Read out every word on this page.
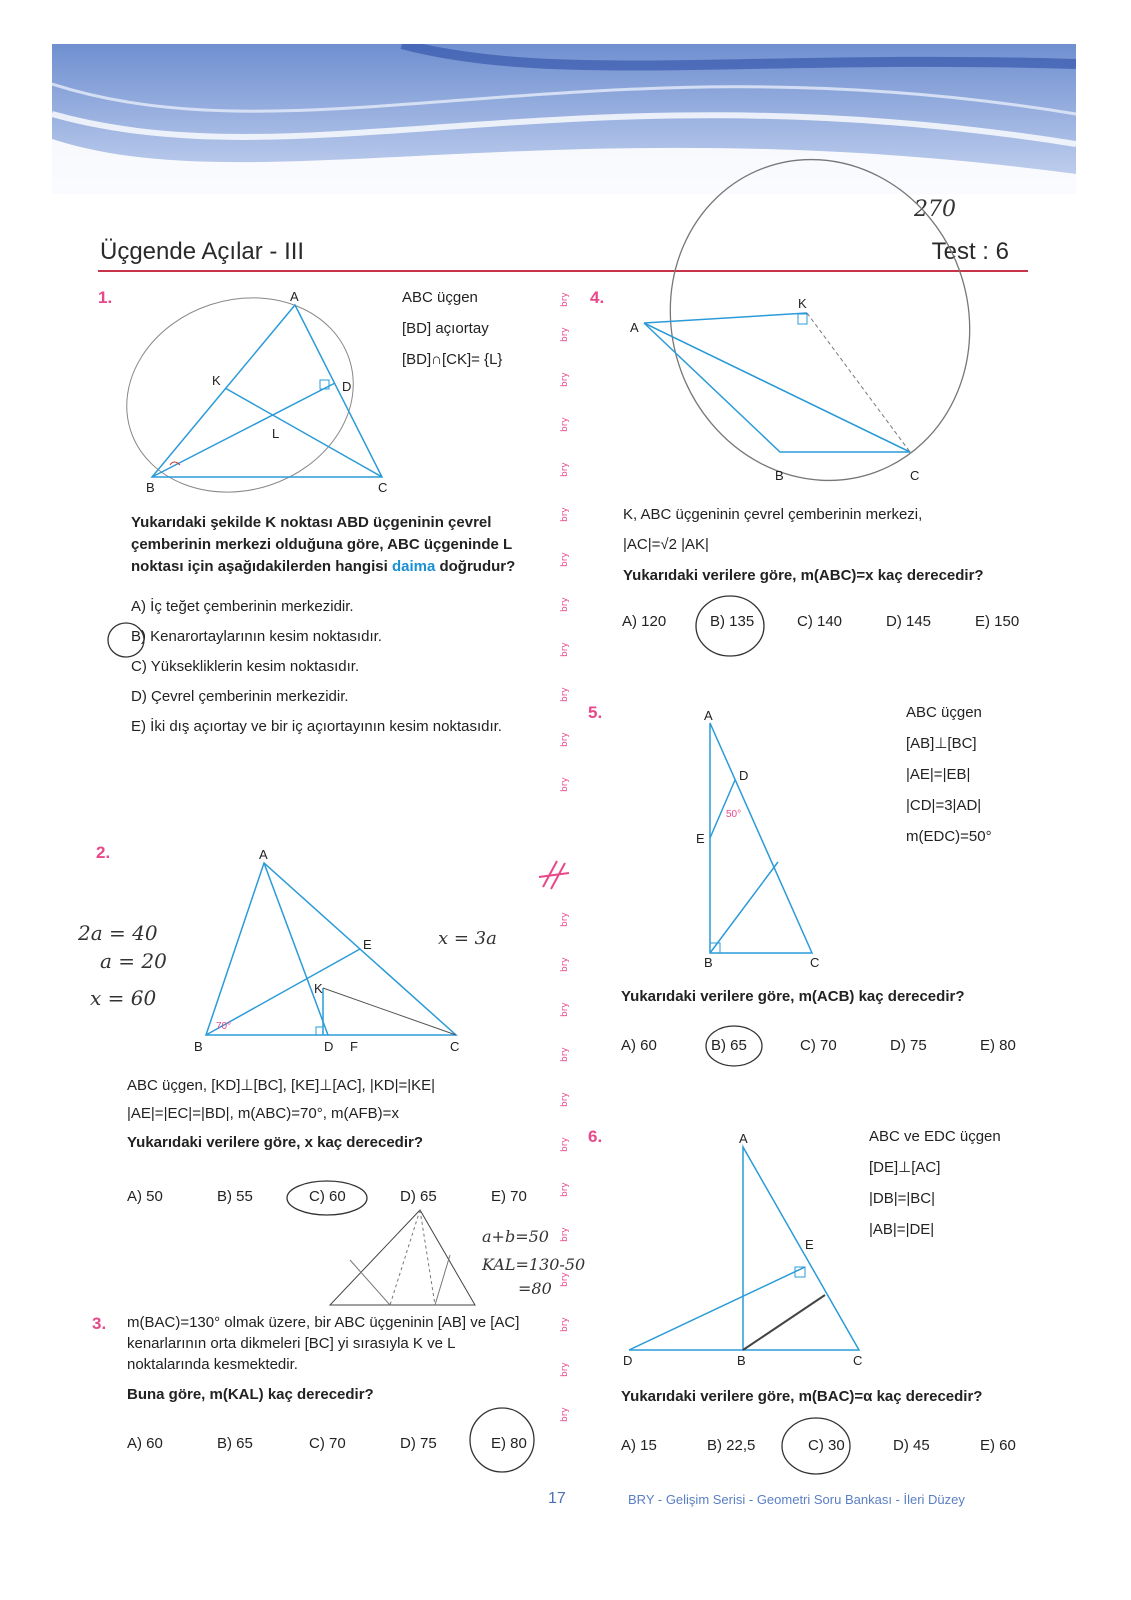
Üçgende Açılar - III	Test : 6
bry
bry
bry
bry
bry
bry
bry
bry
bry
bry
bry
bry
bry
bry
bry
bry
bry
bry
bry
bry
bry
bry
bry
bry
1.	A
B	C
D
K
L
ABC üçgen
[BD] açıortay
[BD]∩[CK]= {L}
Yukarıdaki şekilde K noktası ABD üçgeninin çevrel çemberinin merkezi olduğuna göre, ABC üçgeninde L noktası için aşağıdakilerden hangisi daima doğrudur?
A) İç teğet çemberinin merkezidir.
B) Kenarortaylarının kesim noktasıdır.
C) Yüksekliklerin kesim noktasıdır.
D) Çevrel çemberinin merkezidir.
E) İki dış açıortay ve bir iç açıortayının kesim noktasıdır.
2.
2a = 40
a = 20
x = 60
x = 3a
A
B	C
D
E
F
K
70°
ABC üçgen, [KD]⊥[BC], [KE]⊥[AC], |KD|=|KE|
|AE|=|EC|=|BD|, m(ABC)=70°, m(AFB)=x
Yukarıdaki verilere göre, x kaç derecedir?
A) 50	B) 55	C) 60	D) 65	E) 70
a+b=50
KAL=130-50
=80
3. m(BAC)=130° olmak üzere, bir ABC üçgeninin [AB] ve [AC] kenarlarının orta dikmeleri [BC] yi sırasıyla K ve L noktalarında kesmektedir.
Buna göre, m(KAL) kaç derecedir?
A) 60	B) 65	C) 70	D) 75	E) 80
4.
270
A
B	C
K
K, ABC üçgeninin çevrel çemberinin merkezi,
|AC|=√2 |AK|
Yukarıdaki verilere göre, m(ABC)=x kaç derecedir?
A) 120	B) 135	C) 140	D) 145	E) 150
5.	A
B	C
D
E
50°
ABC üçgen
[AB]⊥[BC]
|AE|=|EB|
|CD|=3|AD|
m(EDC)=50°
Yukarıdaki verilere göre, m(ACB) kaç derecedir?
A) 60	B) 65	C) 70	D) 75	E) 80
6.	A
B	C
D
E
ABC ve EDC üçgen
[DE]⊥[AC]
|DB|=|BC|
|AB|=|DE|
Yukarıdaki verilere göre, m(BAC)=α kaç derecedir?
A) 15	B) 22,5	C) 30	D) 45	E) 60
17	BRY - Gelişim Serisi - Geometri Soru Bankası - İleri Düzey
